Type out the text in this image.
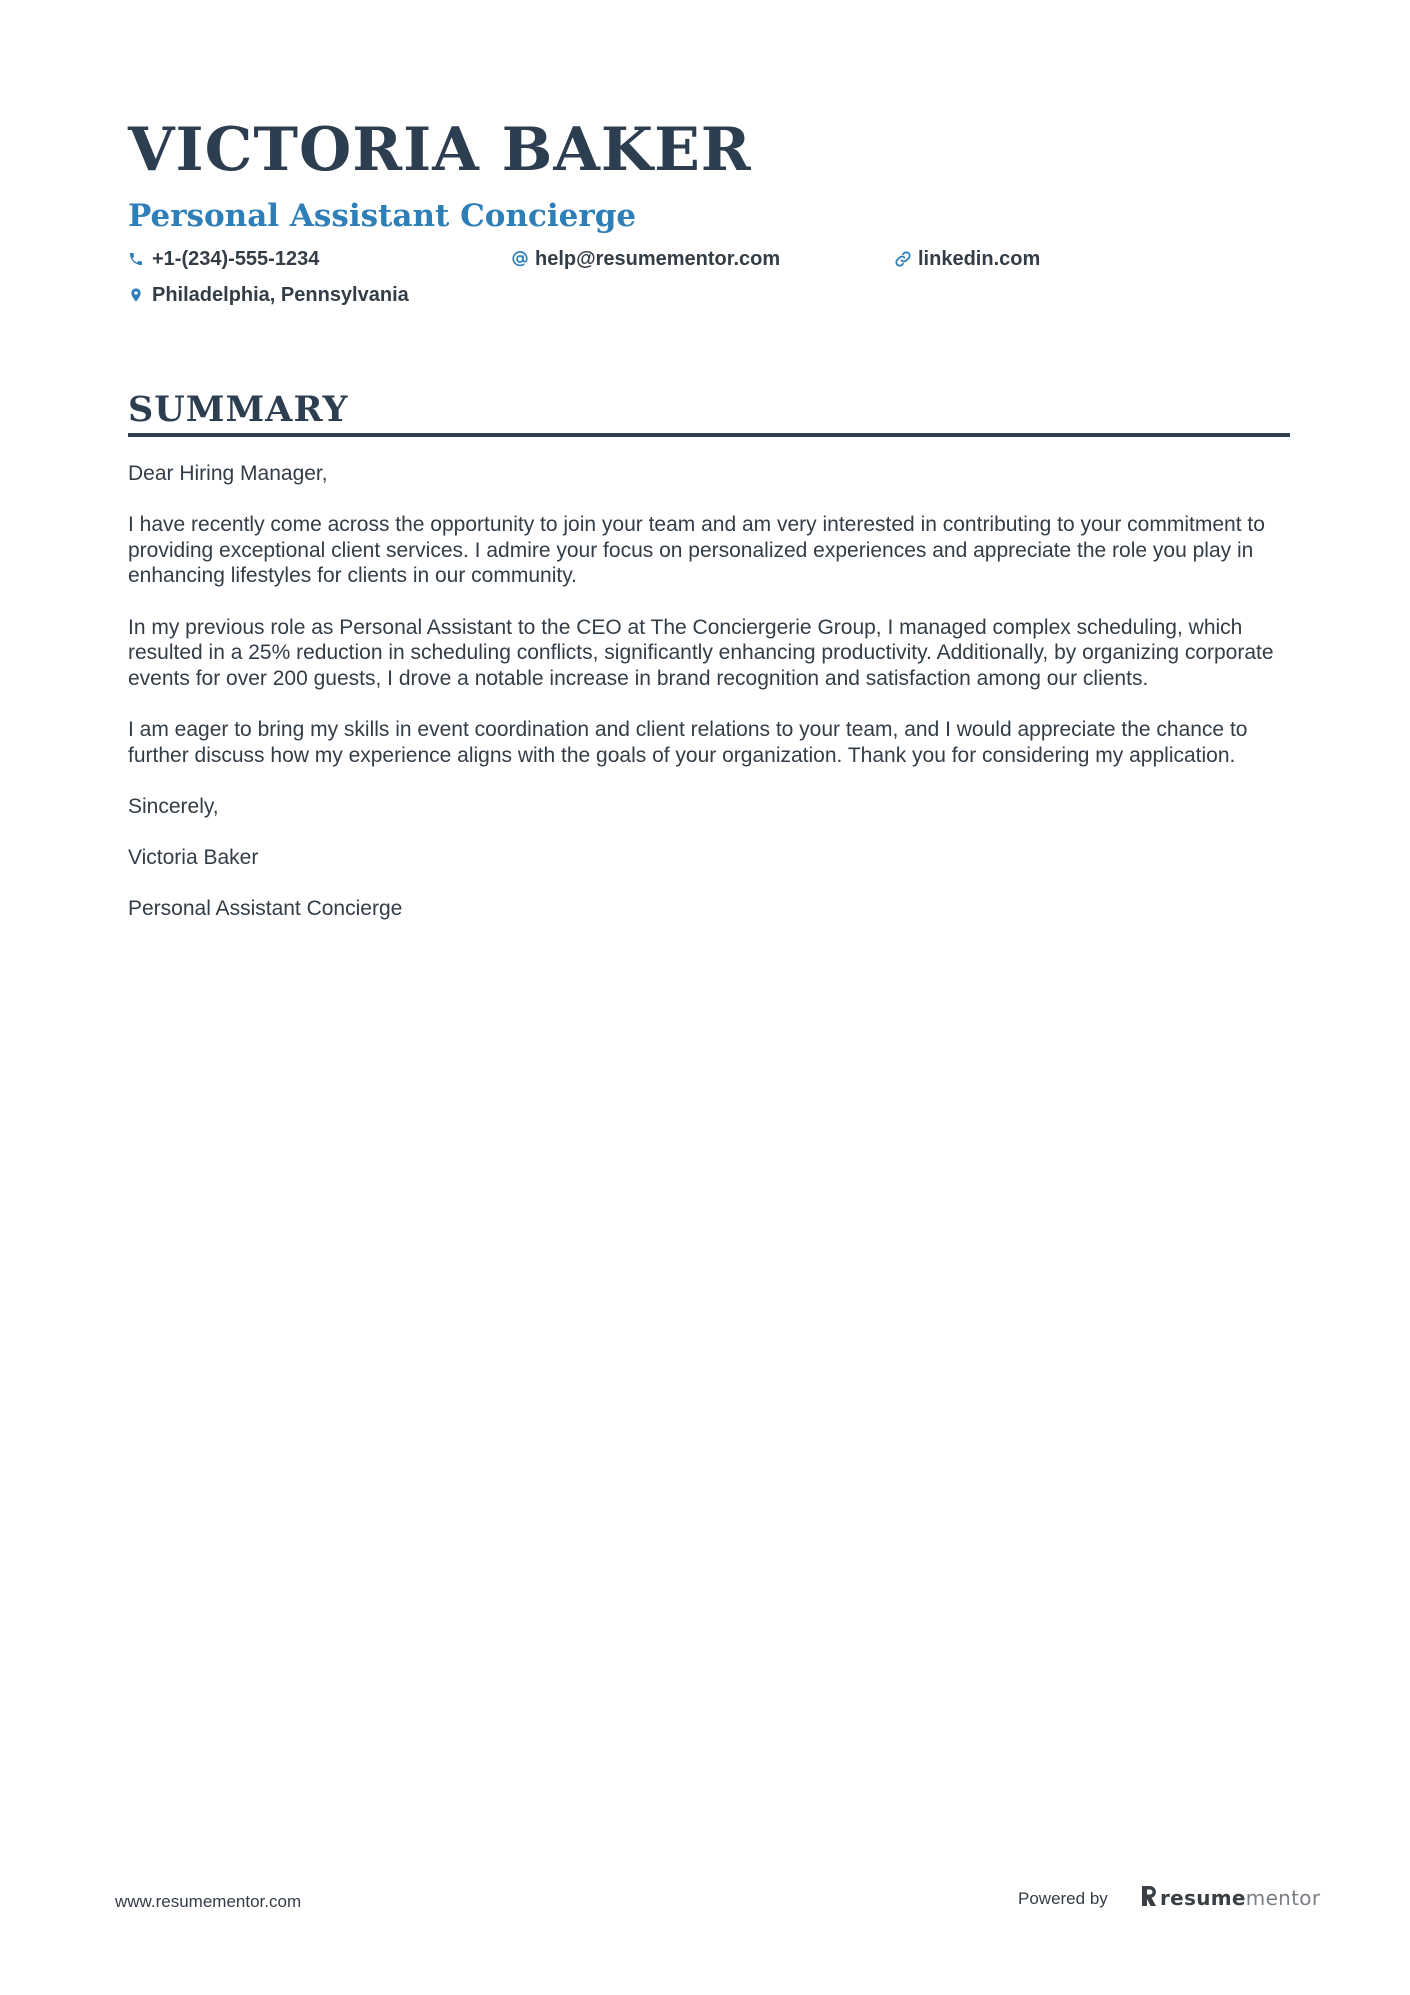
VICTORIA BAKER
Personal Assistant Concierge
+1-(234)-555-1234	help@resumementor.com	linkedin.com
Philadelphia, Pennsylvania
SUMMARY

Dear Hiring Manager,

I have recently come across the opportunity to join your team and am very interested in contributing to your commitment to providing exceptional client services. I admire your focus on personalized experiences and appreciate the role you play in enhancing lifestyles for clients in our community.

In my previous role as Personal Assistant to the CEO at The Conciergerie Group, I managed complex scheduling, which resulted in a 25% reduction in scheduling conflicts, significantly enhancing productivity. Additionally, by organizing corporate events for over 200 guests, I drove a notable increase in brand recognition and satisfaction among our clients.

I am eager to bring my skills in event coordination and client relations to your team, and I would appreciate the chance to further discuss how my experience aligns with the goals of your organization. Thank you for considering my application.

Sincerely,

Victoria Baker

Personal Assistant Concierge

www.resumementor.com	Powered by	resumementor
